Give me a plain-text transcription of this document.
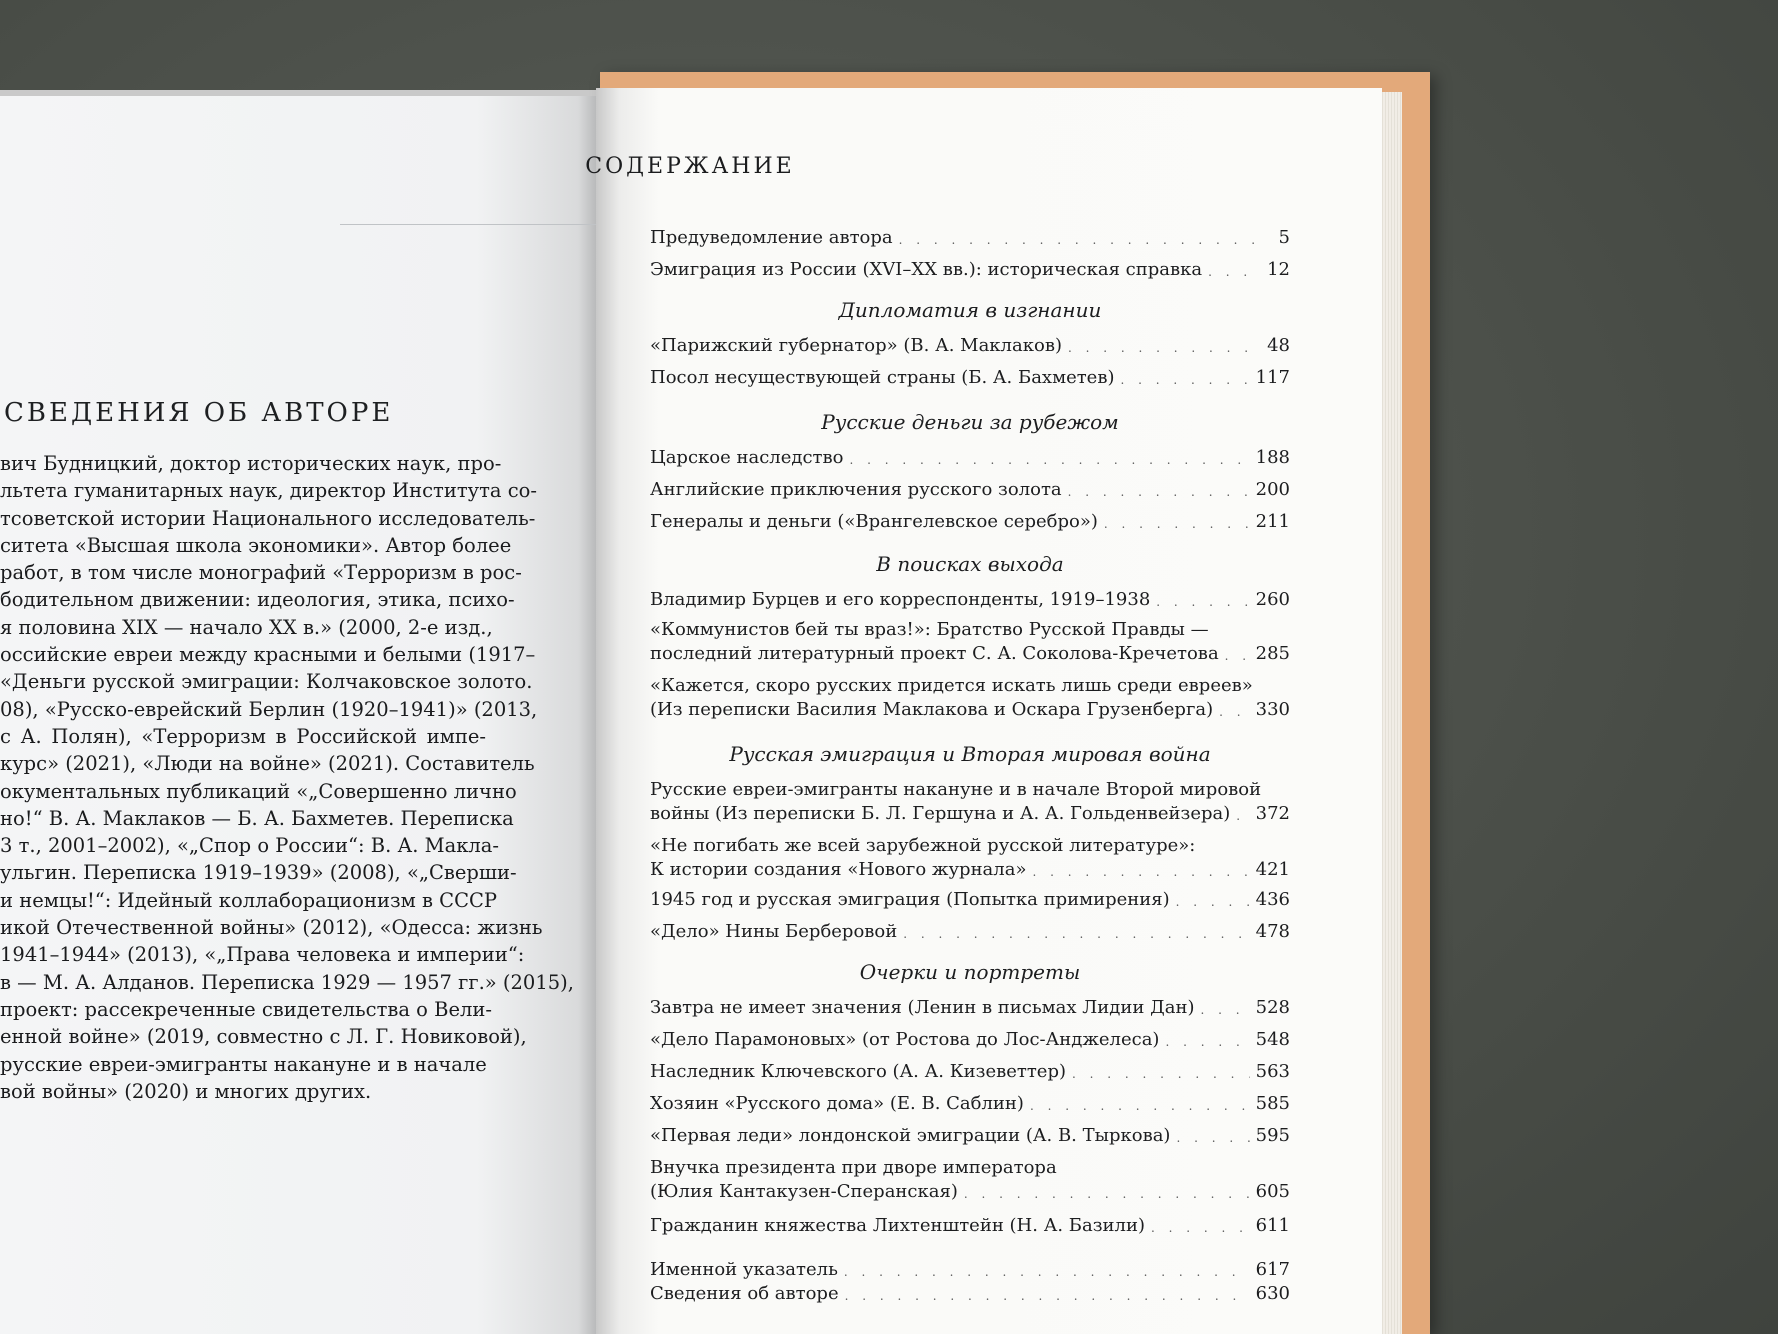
СВЕДЕНИЯ ОБ АВТОРЕ
вич Будницкий, доктор исторических наук, про-
льтета гуманитарных наук, директор Института со-
тсоветской истории Национального исследователь-
ситета «Высшая школа экономики». Автор более
работ, в том числе монографий «Терроризм в рос-
бодительном движении: идеология, этика, психо-
я половина XIX — начало XX в.» (2000, 2-е изд.,
оссийские евреи между красными и белыми (1917–
«Деньги русской эмиграции: Колчаковское золото.
08), «Русско-еврейский Берлин (1920–1941)» (2013,
с А. Полян), «Терроризм в Российской импе-
курс» (2021), «Люди на войне» (2021). Составитель
окументальных публикаций «„Совершенно лично
но!“ В. А. Маклаков — Б. А. Бахметев. Переписка
3 т., 2001–2002), «„Спор о России“: В. А. Макла-
ульгин. Переписка 1919–1939» (2008), «„Сверши-
и немцы!“: Идейный коллаборационизм в СССР
икой Отечественной войны» (2012), «Одесса: жизнь
1941–1944» (2013), «„Права человека и империи“:
в — М. А. Алданов. Переписка 1929 — 1957 гг.» (2015),
проект: рассекреченные свидетельства о Вели-
енной войне» (2019, совместно с Л. Г. Новиковой),
русские евреи-эмигранты накануне и в начале
вой войны» (2020) и многих других.
СОДЕРЖАНИЕ
Предуведомление автора . . .	5
Эмиграция из России (XVI–XX вв.): историческая справка . . .	12
Дипломатия в изгнании
«Парижский губернатор» (В. А. Маклаков) . . .	48
Посол несуществующей страны (Б. А. Бахметев) . . .	117
Русские деньги за рубежом
Царское наследство . . .	188
Английские приключения русского золота . . .	200
Генералы и деньги («Врангелевское серебро») . . .	211
В поисках выхода
Владимир Бурцев и его корреспонденты, 1919–1938 . . .	260
«Коммунистов бей ты враз!»: Братство Русской Правды —
последний литературный проект С. А. Соколова-Кречетова . . . 285
«Кажется, скоро русских придется искать лишь среди евреев»
(Из переписки Василия Маклакова и Оскара Грузенберга) . . . 330
Русская эмиграция и Вторая мировая война
Русские евреи-эмигранты накануне и в начале Второй мировой
войны (Из переписки Б. Л. Гершуна и А. А. Гольденвейзера) . . . 372
«Не погибать же всей зарубежной русской литературе»:
К истории создания «Нового журнала» . . .	421
1945 год и русская эмиграция (Попытка примирения) . . .	436
«Дело» Нины Берберовой . . .	478
Очерки и портреты
Завтра не имеет значения (Ленин в письмах Лидии Дан) . . .	528
«Дело Парамоновых» (от Ростова до Лос-Анджелеса) . . .	548
Наследник Ключевского (А. А. Кизеветтер) . . .	563
Хозяин «Русского дома» (Е. В. Саблин) . . .	585
«Первая леди» лондонской эмиграции (А. В. Тыркова) . . .	595
Внучка президента при дворе императора
(Юлия Кантакузен-Сперанская) . . .	605
Гражданин княжества Лихтенштейн (Н. А. Базили) . . .	611
Именной указатель . . .	617
Сведения об авторе . . .	630
